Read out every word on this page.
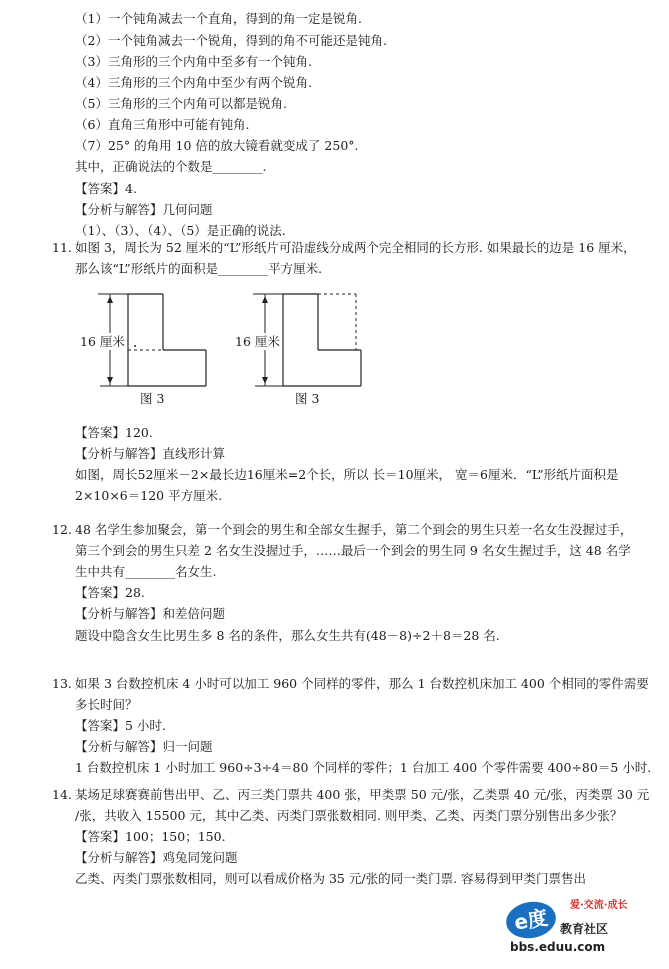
（1）一个钝角减去一个直角，得到的角一定是锐角.
（2）一个钝角减去一个锐角，得到的角不可能还是钝角.
（3）三角形的三个内角中至多有一个钝角.
（4）三角形的三个内角中至少有两个锐角.
（5）三角形的三个内角可以都是锐角.
（6）直角三角形中可能有钝角.
（7）25° 的角用 10 倍的放大镜看就变成了 250°.
其中，正确说法的个数是________.
【答案】4.
【分析与解答】几何问题
（1）、（3）、（4）、（5）是正确的说法.
11. 如图 3，周长为 52 厘米的“L”形纸片可沿虚线分成两个完全相同的长方形. 如果最长的边是 16 厘米，
那么该“L”形纸片的面积是________平方厘米.
16 厘米
图 3
16 厘米
图 3
【答案】120.
【分析与解答】直线形计算
如图，周长52厘米－2×最长边16厘米=2个长，所以 长＝10厘米， 宽＝6厘米．“L”形纸片面积是
2×10×6＝120 平方厘米.
12. 48 名学生参加聚会，第一个到会的男生和全部女生握手，第二个到会的男生只差一名女生没握过手，
第三个到会的男生只差 2 名女生没握过手，……最后一个到会的男生同 9 名女生握过手，这 48 名学
生中共有________名女生.
【答案】28.
【分析与解答】和差倍问题
题设中隐含女生比男生多 8 名的条件，那么女生共有(48－8)÷2＋8＝28 名.
13. 如果 3 台数控机床 4 小时可以加工 960 个同样的零件，那么 1 台数控机床加工 400 个相同的零件需要
多长时间？
【答案】5 小时.
【分析与解答】归一问题
1 台数控机床 1 小时加工 960÷3÷4＝80 个同样的零件；1 台加工 400 个零件需要 400÷80＝5 小时.
14. 某场足球赛赛前售出甲、乙、丙三类门票共 400 张，甲类票 50 元/张，乙类票 40 元/张，丙类票 30 元
/张，共收入 15500 元，其中乙类、丙类门票张数相同. 则甲类、乙类、丙类门票分别售出多少张？
【答案】100；150；150.
【分析与解答】鸡兔同笼问题
乙类、丙类门票张数相同，则可以看成价格为 35 元/张的同一类门票. 容易得到甲类门票售出
爱·交流·成长
e度 教育社区
bbs.eduu.com
